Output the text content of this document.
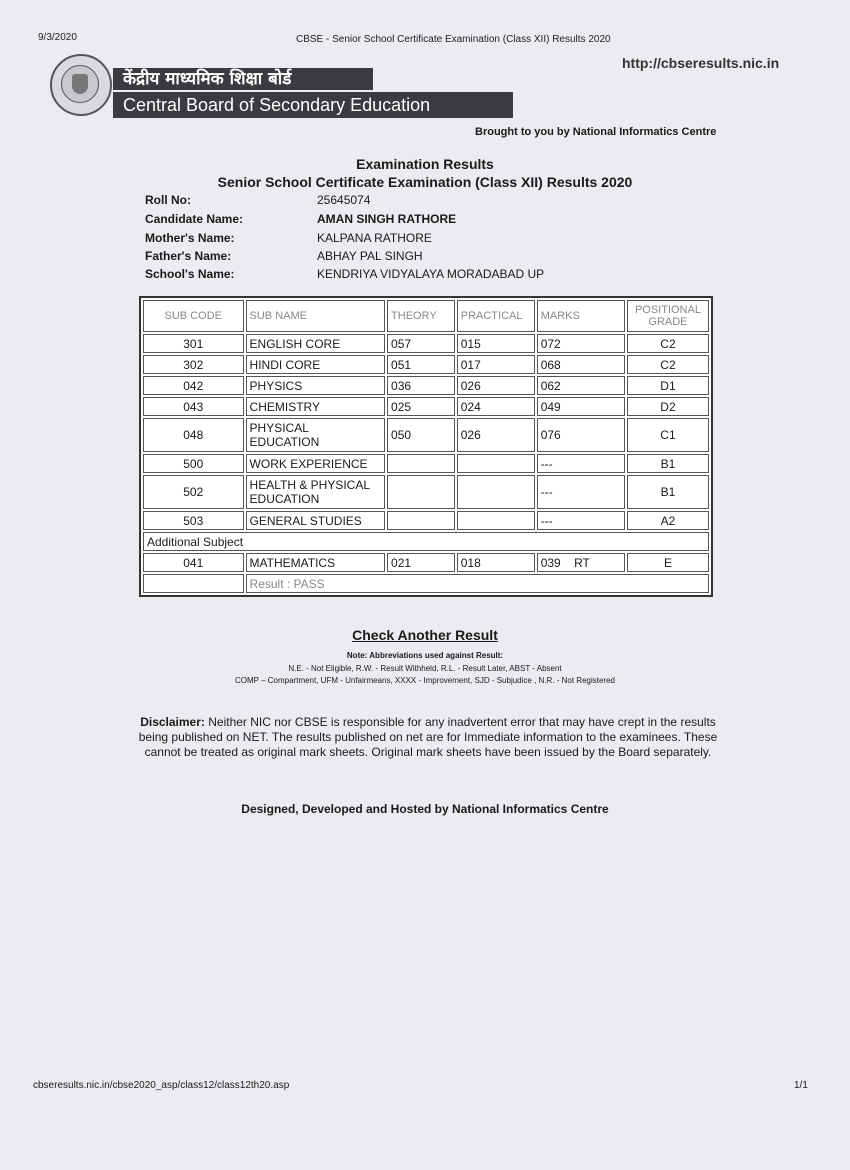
9/3/2020	CBSE - Senior School Certificate Examination (Class XII) Results 2020
केंद्रीय माध्यमिक शिक्षा बोर्ड
Central Board of Secondary Education
http://cbseresults.nic.in
Brought to you by National Informatics Centre
Examination Results
Senior School Certificate Examination (Class XII) Results 2020
Roll No:	25645074
Candidate Name:	AMAN SINGH RATHORE
Mother's Name:	KALPANA RATHORE
Father's Name:	ABHAY PAL SINGH
School's Name:	KENDRIYA VIDYALAYA MORADABAD UP
SUB CODE	SUB NAME	THEORY	PRACTICAL	MARKS	POSITIONAL
GRADE
301	ENGLISH CORE	057	015	072	C2
302	HINDI CORE	051	017	068	C2
042	PHYSICS	036	026	062	D1
043	CHEMISTRY	025	024	049	D2
048	PHYSICAL
EDUCATION	050	026	076	C1
500	WORK EXPERIENCE			---	B1
502	HEALTH & PHYSICAL
EDUCATION			---	B1
503	GENERAL STUDIES			---	A2
Additional Subject					
041	MATHEMATICS	021	018	039 RT	E
	Result : PASS				
Check Another Result
Note: Abbreviations used against Result:
N.E. - Not Eligible, R.W. - Result Withheld, R.L. - Result Later, ABST - Absent
COMP – Compartment, UFM - Unfairmeans, XXXX - Improvement, SJD - Subjudice , N.R. - Not Registered
Disclaimer: Neither NIC nor CBSE is responsible for any inadvertent error that may have crept in the results being published on NET. The results published on net are for Immediate information to the examinees. These cannot be treated as original mark sheets. Original mark sheets have been issued by the Board separately.
Designed, Developed and Hosted by National Informatics Centre
cbseresults.nic.in/cbse2020_asp/class12/class12th20.asp	1/1
